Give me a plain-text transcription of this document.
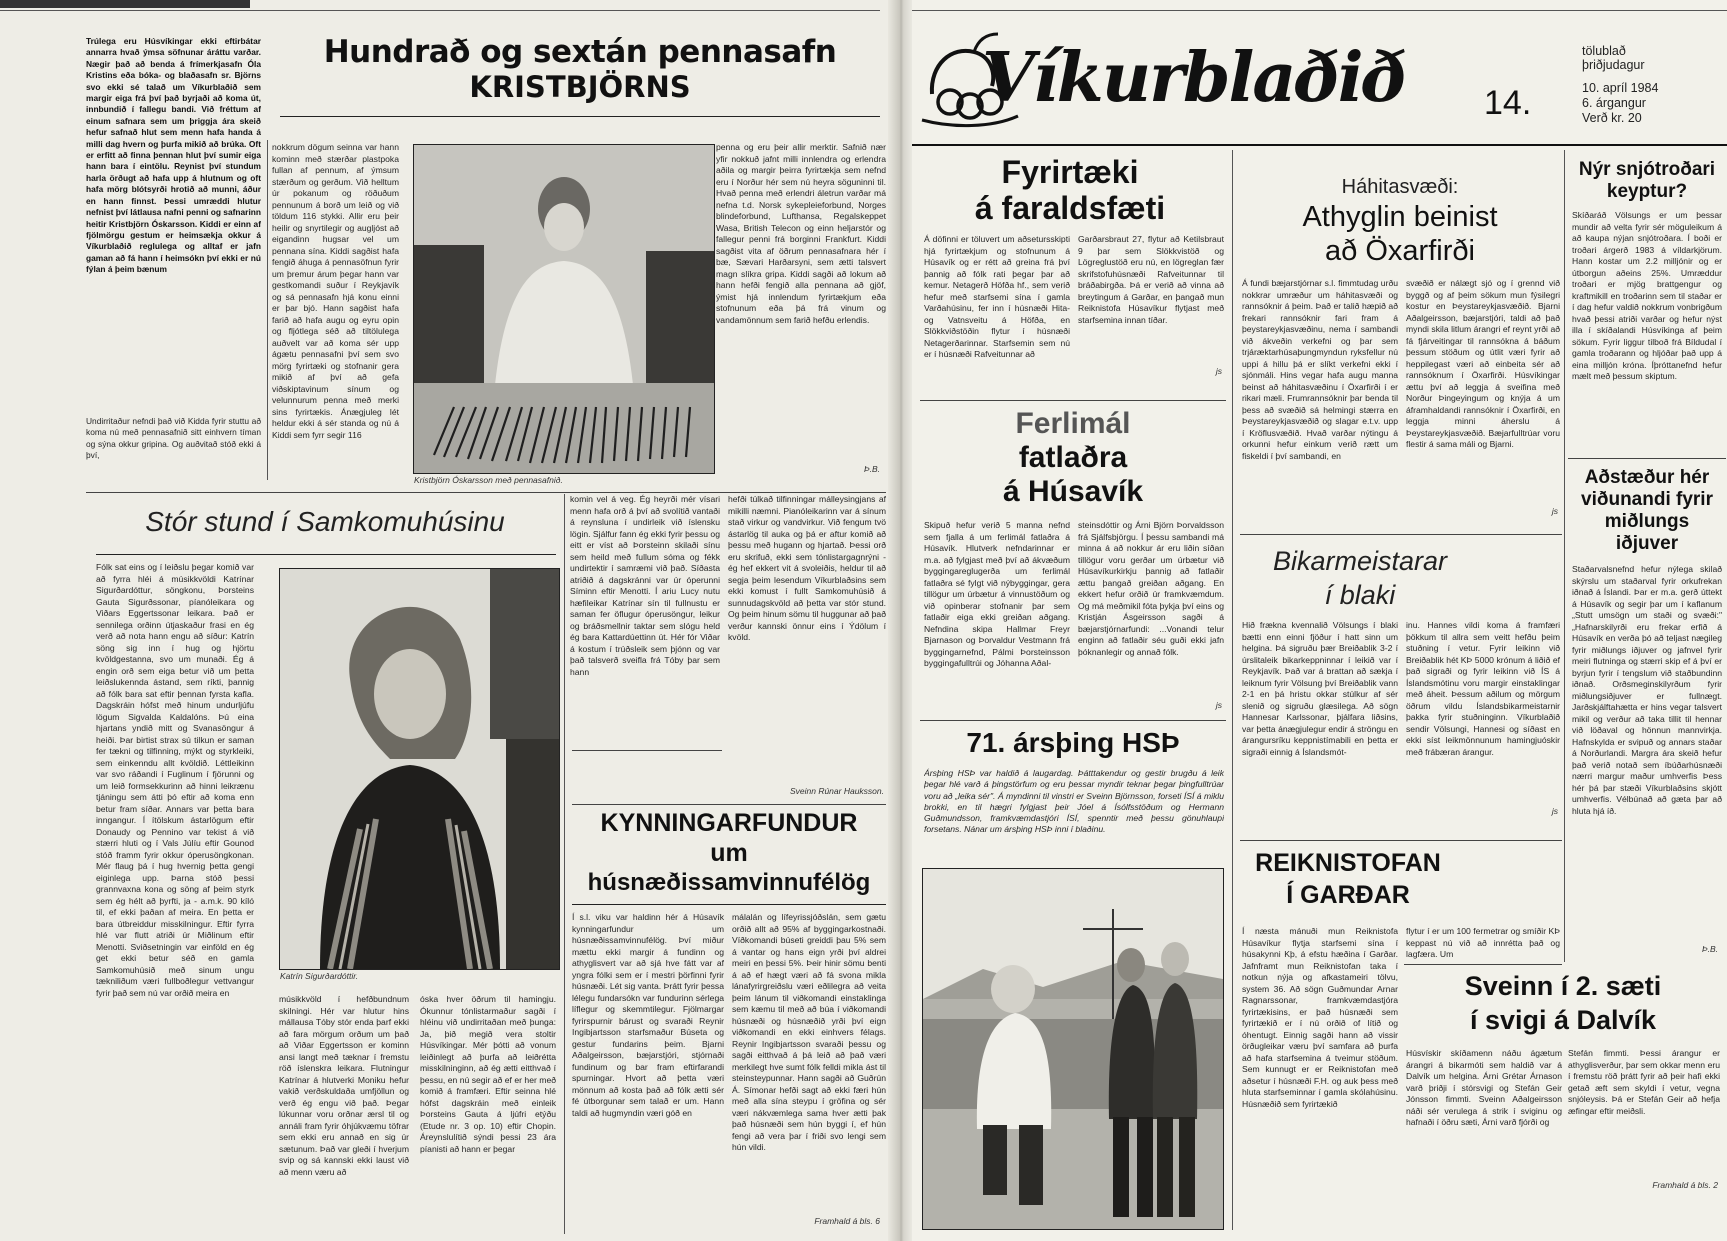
Trúlega eru Húsvíkingar ekki eftirbátar annarra hvað ýmsa söfnunar áráttu varðar. Nægir það að benda á frímerkjasafn Óla Kristins eða bóka- og blaðasafn sr. Björns svo ekki sé talað um Víkurblaðið sem margir eiga frá því það byrjaði að koma út, innbundið í fallegu bandi. Við fréttum af einum safnara sem um þriggja ára skeið hefur safnað hlut sem menn hafa handa á milli dag hvern og þurfa mikið að brúka. Oft er erfitt að finna þennan hlut því sumir eiga hann bara í eintölu. Reynist því stundum harla örðugt að hafa upp á hlutnum og oft hafa mörg blótsyrði hrotið að munni, áður en hann finnst. Þessi umræddi hlutur nefnist því látlausa nafni penni og safnarinn heitir Kristbjörn Óskarsson. Kiddi er einn af fjölmörgu gestum er heimsækja okkur á Víkurblaðið reglulega og alltaf er jafn gaman að fá hann í heimsókn því ekki er nú fýlan á þeim bænum
Undirritaður nefndi það við Kidda fyrir stuttu að koma nú með pennasafnið sitt einhvern tíman og sýna okkur gripina. Og auðvitað stóð ekki á því,
Hundrað og sextán pennasafn
KRISTBJÖRNS
nokkrum dögum seinna var hann kominn með stærðar plastpoka fullan af pennum, af ýmsum stærðum og gerðum. Við helltum úr pokanum og röðuðum pennunum á borð um leið og við töldum 116 stykki. Allir eru þeir heilir og snyrtilegir og augljóst að eigandinn hugsar vel um pennana sína. Kiddi sagðist hafa fengið áhuga á pennasöfnun fyrir um þremur árum þegar hann var gestkomandi suður í Reykjavík og sá pennasafn hjá konu einni er þar bjó. Hann sagðist hafa farið að hafa augu og eyru opin og fljótlega séð að tiltölulega auðvelt var að koma sér upp ágætu pennasafni því sem svo mörg fyrirtæki og stofnanir gera mikið af því að gefa viðskiptavinum sínum og velunnurum penna með merki sins fyrirtækis. Ánægjuleg lét heldur ekki á sér standa og nú á Kiddi sem fyrr segir 116
Kristbjörn Óskarsson með pennasafnið.
penna og eru þeir allir merktir. Safnið nær yfir nokkuð jafnt milli innlendra og erlendra aðila og margir þeirra fyrirtækja sem nefnd eru í Norður hér sem nú heyra söguninni til. Hvað penna með erlendri áletrun varðar má nefna t.d. Norsk sykepleieforbund, Norges blindeforbund, Lufthansa, Regalskeppet Wasa, British Telecon og einn heljarstór og fallegur penni frá borginni Frankfurt. Kiddi sagðist vita af öðrum pennasafnara hér í bæ, Sævari Harðarsyni, sem ætti talsvert magn slíkra gripa. Kiddi sagði að lokum að hann hefði fengið alla pennana að gjöf, ýmist hjá innlendum fyrirtækjum eða stofnunum eða þá frá vinum og vandamönnum sem farið hefðu erlendis.
Þ.B.
Stór stund í Samkomuhúsinu
Fólk sat eins og í leiðslu þegar komið var að fyrra hléi á músikkvöldi Katrínar Sigurðardóttur, söngkonu, Þorsteins Gauta Sigurðssonar, píanóleikara og Viðars Eggertssonar leikara. Það er sennilega orðinn útjaskaður frasi en ég verð að nota hann engu að síður: Katrín söng sig inn í hug og hjörtu kvöldgestanna, svo um munaði. Ég á engin orð sem eiga betur við um þetta leiðslukennda ástand, sem ríkti, þannig að fólk bara sat eftir þennan fyrsta kafla. Dagskráin hófst með hinum undurljúfu lögum Sigvalda Kaldalóns. Þú eina hjartans yndið mitt og Svanasöngur á heiði. Þar birtist strax sú tilkun er saman fer tækni og tilfinning, mýkt og styrkleiki, sem einkenndu allt kvöldið. Léttleikinn var svo ráðandi í Fuglinum í fjörunni og um leið formsekkurinn að hinni leikrænu tjáningu sem átti þó eftir að koma enn betur fram síðar. Annars var þetta bara inngangur. Í ítölskum ástarlögum eftir Donaudy og Pennino var tekist á við stærri hluti og í Vals Júlíu eftir Gounod stóð framm fyrir okkur óperusöngkonan. Mér flaug þá í hug hvernig þetta gengi eiginlega upp. Þarna stóð þessi grannvaxna kona og söng af þeim styrk sem ég hélt að þyrfti, ja - a.m.k. 90 kíló til, ef ekki þaðan af meira. En þetta er bara útbreiddur misskilningur. Eftir fyrra hlé var flutt atriði úr Miðlinum eftir Menotti. Sviðsetningin var einföld en ég get ekki betur séð en gamla Samkomuhúsið með sinum ungu tækniliðum væri fullboðlegur vettvangur fyrir það sem nú var orðið meira en
Katrín Sigurðardóttir.
músikkvöld í hefðbundnum skilningi. Hér var hlutur hins mállausa Tóby stór enda þarf ekki að fara mörgum orðum um það að Viðar Eggertsson er kominn ansi langt með tæknar í fremstu röð íslenskra leikara. Flutningur Katrínar á hlutverki Moniku hefur vakið verðskuldaða umfjöllun og verð ég engu við það. Þegar lúkunnar voru orðnar ærsl til og annáli fram fyrir óhjúkvæmu töfrar sem ekki eru annað en sig úr sætunum. Það var gleði í hverjum svip og sá kannski ekki laust við að menn væru að
óska hver öðrum til hamingju. Ókunnur tónlistarmaður sagði í hléinu við undirritaðan með þunga: Ja, þið megið vera stoltir Húsvíkingar. Mér þótti að vonum leiðinlegt að þurfa að leiðrétta misskilninginn, að ég ætti eitthvað í þessu, en nú segir að ef er her með komið á framfæri. Eftir seinna hlé hófst dagskráin með einleik Þorsteins Gauta á ljúfri etýðu (Etude nr. 3 op. 10) eftir Chopin. Áreynslulítið sýndi þessi 23 ára píanisti að hann er þegar
komin vel á veg. Ég heyrði mér vísari menn hafa orð á því að svolítið vantaði á reynsluna í undirleik við íslensku lögin. Sjálfur fann ég ekki fyrir þessu og eitt er víst að Þorsteinn skilaði sínu sem heild með fullum sóma og fékk undirtektir í samræmi við það. Síðasta atriðið á dagskránni var úr óperunni Síminn eftir Menotti. Í ariu Lucy nutu hæfileikar Katrínar sín til fullnustu er saman fer öflugur óperusöngur, leikur og bráðsmellnir taktar sem slógu held ég bara Kattardúettinn út. Hér fór Viðar á kostum í trúðsleik sem þjónn og var það talsverð sveifla frá Tóby þar sem hann
hefði túlkað tilfinningar málleysingjans af mikilli næmni. Pianóleikarinn var á sínum stað virkur og vandvirkur. Við fengum tvö ástarlög til auka og þá er aftur komið að þessu með hugann og hjartað. Þessi orð eru skrifuð, ekki sem tónlistargagnrýni - ég hef ekkert vit á svoleiðis, heldur til að segja þeim lesendum Víkurblaðsins sem ekki komust í fullt Samkomuhúsið á sunnudagskvöld að þetta var stór stund. Og þeim hinum sömu til huggunar að það verður kannski önnur eins í Ýdölum í kvöld.
Sveinn Rúnar Hauksson.
KYNNINGARFUNDUR
um
húsnæðissamvinnufélög
Í s.l. viku var haldinn hér á Húsavík kynningarfundur um húsnæðissamvinnufélög. Því miður mættu ekki margir á fundinn og athyglisvert var að sjá hve fátt var af yngra fólki sem er í mestri þörfinni fyrir húsnæði. Lét sig vanta. Þrátt fyrir þessa lélegu fundarsókn var fundurinn sérlega líflegur og skemmtilegur. Fjölmargar fyrirspurnir bárust og svaraði Reynir Ingibjartsson starfsmaður Búseta og gestur fundarins þeim. Bjarni Aðalgeirsson, bæjarstjóri, stjórnaði fundinum og bar fram eftirfarandi spurningar. Hvort að þetta væri mönnum að kosta það að fólk ætti sér fé útborgunar sem talað er um. Hann taldi að hugmyndin væri góð en
málalán og lífeyrissjóðslán, sem gætu orðið allt að 95% af byggingarkostnaði. Víðkomandi búseti greiddi þau 5% sem á vantar og hans eign yrði því aldrei meiri en þessi 5%. Þeir hinir sömu benti á að ef hægt væri að fá svona mikla lánafyrirgreiðslu væri eðlilegra að veita þeim lánum til viðkomandi einstaklinga sem kæmu til með að búa í viðkomandi húsnæði og húsnæðið yrði því eign viðkomandi en ekki einhvers félags. Reynir Ingibjartsson svaraði þessu og sagði eitthvað á þá leið að það væri merkilegt hve sumt fólk felldi mikla ást til steinsteypunnar. Hann sagði að Guðrún Á. Símonar hefði sagt að ekki færi hún með alla sína steypu í gröfina og sér væri nákvæmlega sama hver ætti þak það húsnæði sem hún byggi í, ef hún fengi að vera þar í friði svo lengi sem hún vildi.
Framhald á bls. 6
Víkurblaðið	14.
tölublað
þriðjudagur
10. apríl 1984
6. árgangur
Verð kr. 20
Fyrirtæki
á faraldsfæti
Á döfinni er töluvert um aðsetursskipti hjá fyrirtækjum og stofnunum á Húsavík og er rétt að greina frá því þannig að fólk rati þegar þar að kemur. Netagerð Höfða hf., sem verið hefur með starfsemi sína í gamla Varðahúsinu, fer inn í húsnæði Hita- og Vatnsveitu á Höfða, en Slökkviðstöðin flytur í húsnæði Netagerðarinnar. Starfsemin sem nú er í húsnæði Rafveitunnar að
Garðarsbraut 27, flytur að Ketilsbraut 9 þar sem Slökkvistöð og Lögreglustöð eru nú, en lögreglan fær skrifstofuhúsnæði Rafveitunnar til bráðabirgða. Þá er verið að vinna að breytingum á Garðar, en þangað mun Reiknistofa Húsavíkur flytjast með starfsemina innan tíðar.
js
Ferlimál
fatlaðra
á Húsavík
Skipuð hefur verið 5 manna nefnd sem fjalla á um ferlimál fatlaðra á Húsavík. Hlutverk nefndarinnar er m.a. að fylgjast með því að ákvæðum byggingareglugerða um ferlimál fatlaðra sé fylgt við nýbyggingar, gera tillögur um úrbætur á vinnustöðum og við opinberar stofnanir þar sem fatlaðir eiga ekki greiðan aðgang. Nefndina skipa Hallmar Freyr Bjarnason og Þorvaldur Vestmann frá byggingarnefnd, Pálmi Þorsteinsson byggingafulltrúi og Jóhanna Aðal-
steinsdóttir og Árni Björn Þorvaldsson frá Sjálfsbjörgu. Í þessu sambandi má minna á að nokkur ár eru liðin síðan tillögur voru gerðar um úrbætur við Húsavíkurkirkju þannig að fatlaðir ættu þangað greiðan aðgang. En ekkert hefur orðið úr framkvæmdum. Og má meðmikil fóta þykja því eins og Kristján Ásgeirsson sagði á bæjarstjórnarfundi: ...Vonandi telur enginn að fatlaðir séu guði ekki jafn þóknanlegir og annað fólk.
js
71. ársþing HSÞ
Ársþing HSÞ var haldið á laugardag. Þátttakendur og gestir brugðu á leik þegar hlé varð á þingstörfum og eru þessar myndir teknar þegar þingfulltrúar voru að „leika sér". Á myndinni til vinstri er Sveinn Björnsson, forseti ÍSÍ á miklu brokki, en til hægri fylgjast þeir Jóel á Ísólfsstöðum og Hermann Guðmundsson, framkvæmdastjóri ÍSÍ, spenntir með þessu gönuhlaupi forsetans. Nánar um ársþing HSÞ inni í blaðinu.
Háhitasvæði:
Athyglin beinist
að Öxarfirði
Á fundi bæjarstjórnar s.l. fimmtudag urðu nokkrar umræður um háhitasvæði og rannsóknir á þeim. Það er talið hæpið að frekari rannsóknir fari fram á þeystareykjasvæðinu, nema í sambandi við ákveðin verkefni og þar sem trjáræktarhúsaþungmyndun ryksfellur nú uppi á hillu þá er slíkt verkefni ekki í sjónmáli. Hins vegar hafa augu manna beinst að háhitasvæðinu í Öxarfirði í er rikari mæli. Frumrannsóknir þar benda til þess að svæðið sá helmingi stærra en Þeystareykjasvæðið og slagar e.t.v. upp í Kröflusvæðið. Hvað varðar nýtingu á orkunni hefur einkum verið rætt um fiskeldi í því sambandi, en
svæðið er nálægt sjó og í grennd við byggð og af þeim sökum mun fýsilegri kostur en Þeystareykjasvæðið. Bjarni Aðalgeirsson, bæjarstjóri, taldi að það myndi skila litlum árangri ef reynt yrði að fá fjárveitingar til rannsókna á báðum þessum stöðum og útlit væri fyrir að heppilegast væri að einbeita sér að rannsóknum í Öxarfirði. Húsvíkingar ættu því að leggja á sveifina með Norður Þingeyingum og knýja á um áframhaldandi rannsóknir í Öxarfirði, en leggja minni áherslu á Þeystareykjasvæðið. Bæjarfulltrúar voru flestir á sama máli og Bjarni.
js
Bikarmeistarar
í blaki
Hið frækna kvennalið Völsungs í blaki bætti enn einni fjöður í hatt sinn um helgina. Þá sigruðu þær Breiðablik 3-2 í úrslitaleik bikarkeppninnar í leikið var í Reykjavík. Það var á brattan að sækja í leiknum fyrir Völsung því Breiðablik vann 2-1 en þá hristu okkar stúlkur af sér slenið og sigruðu glæsilega. Að sögn Hannesar Karlssonar, þjálfara liðsins, var þetta ánægjulegur endir á ströngu en árangursríku keppnistímabili en þetta er sigraði einnig á Íslandsmót-
inu. Hannes vildi koma á framfæri þökkum til allra sem veitt hefðu þeim stuðning í vetur. Fyrir leikinn við Breiðablik hét KÞ 5000 krónum á liðið ef það sigraði og fyrir leikinn við ÍS á Íslandsmótinu voru margir einstaklingar með áheit. Þessum aðilum og mörgum öðrum vildu Íslandsbikarmeistarnir þakka fyrir stuðninginn. Víkurblaðið sendir Völsungi, Hannesi og síðast en ekki síst leikmönnunum hamingjuóskir með frábæran árangur.
js
REIKNISTOFAN
Í GARÐAR
Í næsta mánuði mun Reiknistofa Húsavíkur flytja starfsemi sína í húsakynni Kþ, á efstu hæðina í Garðar. Jafnframt mun Reiknistofan taka í notkun nýja og afkastameiri tölvu, system 36. Að sögn Guðmundar Arnar Ragnarssonar, framkvæmdastjóra fyrirtækisins, er það húsnæði sem fyrirtækið er í nú orðið of lítið og óhentugt. Einnig sagði hann að vissir örðugleikar væru því samfara að þurfa að hafa starfsemina á tveimur stöðum. Sem kunnugt er er Reiknistofan með aðsetur í húsnæði F.H. og auk þess með hluta starfseminnar í gamla skólahúsinu. Húsnæðið sem fyrirtækið
flytur í er um 100 fermetrar og smíðir KÞ keppast nú við að innrétta það og lagfæra. Um
Sveinn í 2. sæti
í svigi á Dalvík
Húsvískir skíðamenn náðu ágætum árangri á bikarmóti sem haldið var á Dalvík um helgina. Árni Grétar Árnason varð þriðji í stórsvigi og Stefán Geir Jónsson fimmti. Sveinn Aðalgeirsson náði sér verulega á strik í sviginu og hafnaði í öðru sæti, Árni varð fjórði og
Stefán fimmti. Þessi árangur er athyglisverður, þar sem okkar menn eru í fremstu röð þrátt fyrir að þeir hafi ekki getað æft sem skyldi í vetur, vegna snjóleysis. Þá er Stefán Geir að hefja æfingar eftir meiðsli.
Framhald á bls. 2
Nýr snjótroðari
keyptur?
Skíðaráð Völsungs er um þessar mundir að velta fyrir sér möguleikum á að kaupa nýjan snjótroðara. Í boði er troðari árgerð 1983 á víldarkjörum. Hann kostar um 2.2 milljónir og er útborgun aðeins 25%. Umræddur troðari er mjög brattgengur og kraftmikill en troðarinn sem til staðar er í dag hefur valdið nokkrum vonbrigðum hvað þessi atriði varðar og hefur nýst illa í skíðalandi Húsvíkinga af þeim sökum. Fyrir liggur tilboð frá Bíldudal í gamla troðarann og hljóðar það upp á eina milljón króna. Íþróttanefnd hefur mælt með þessum skiptum.
Aðstæður hér
viðunandi fyrir
miðlungs
iðjuver
Staðarvalsnefnd hefur nýlega skilað skýrslu um staðarval fyrir orkufrekan iðnað á Íslandi. Þar er m.a. gerð úttekt á Húsavík og segir þar um í kaflanum „Stutt umsögn um staði og svæði:" „Hafnarskilyrði eru frekar erfið á Húsavík en verða þó að teljast nægileg fyrir miðlungs iðjuver og jafnvel fyrir meiri flutninga og stærri skip ef á því er byrjun fyrir í tengslum við staðbundinn iðnað. Orðsmeginskilyrðum fyrir miðlungsiðjuver er fullnægt. Jarðskjálftahætta er hins vegar talsvert mikil og verður að taka tillit til hennar við löðaval og hönnun mannvirkja. Hafnskylda er svipuð og annars staðar á Norðurlandi. Margra ára skeið hefur það verið notað sem íbúðarhúsnæði nærri margur maður umhverfis Þess hér þá þar stæði Víkurblaðsins skjótt umhverfis. Vélbúnað að gæta þar að hluta hjá íð.
Þ.B.
